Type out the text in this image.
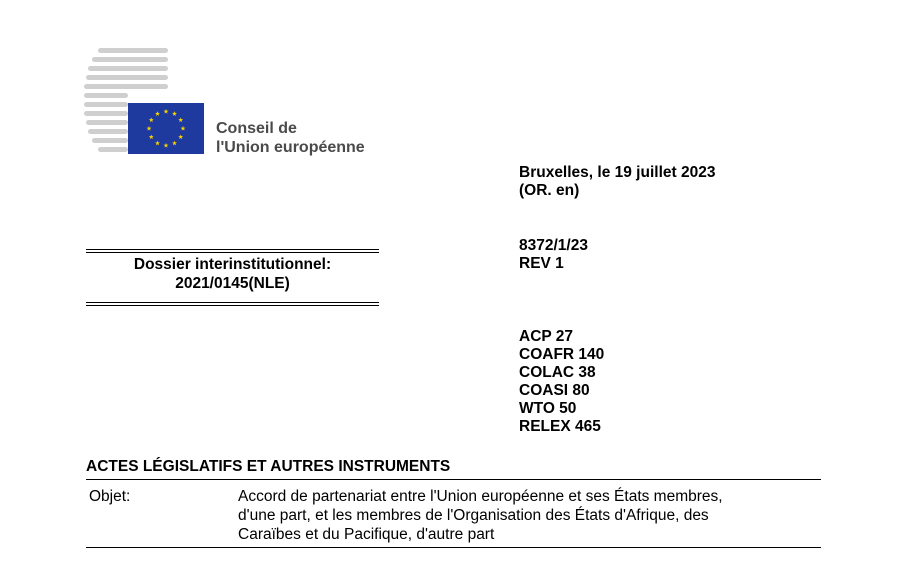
Conseil de
l'Union européenne
Bruxelles, le 19 juillet 2023
(OR. en)
8372/1/23
REV 1
ACP 27
COAFR 140
COLAC 38
COASI 80
WTO 50
RELEX 465
Dossier interinstitutionnel:
2021/0145(NLE)
ACTES LÉGISLATIFS ET AUTRES INSTRUMENTS
Objet:	Accord de partenariat entre l'Union européenne et ses États membres,
d'une part, et les membres de l'Organisation des États d'Afrique, des
Caraïbes et du Pacifique, d'autre part
